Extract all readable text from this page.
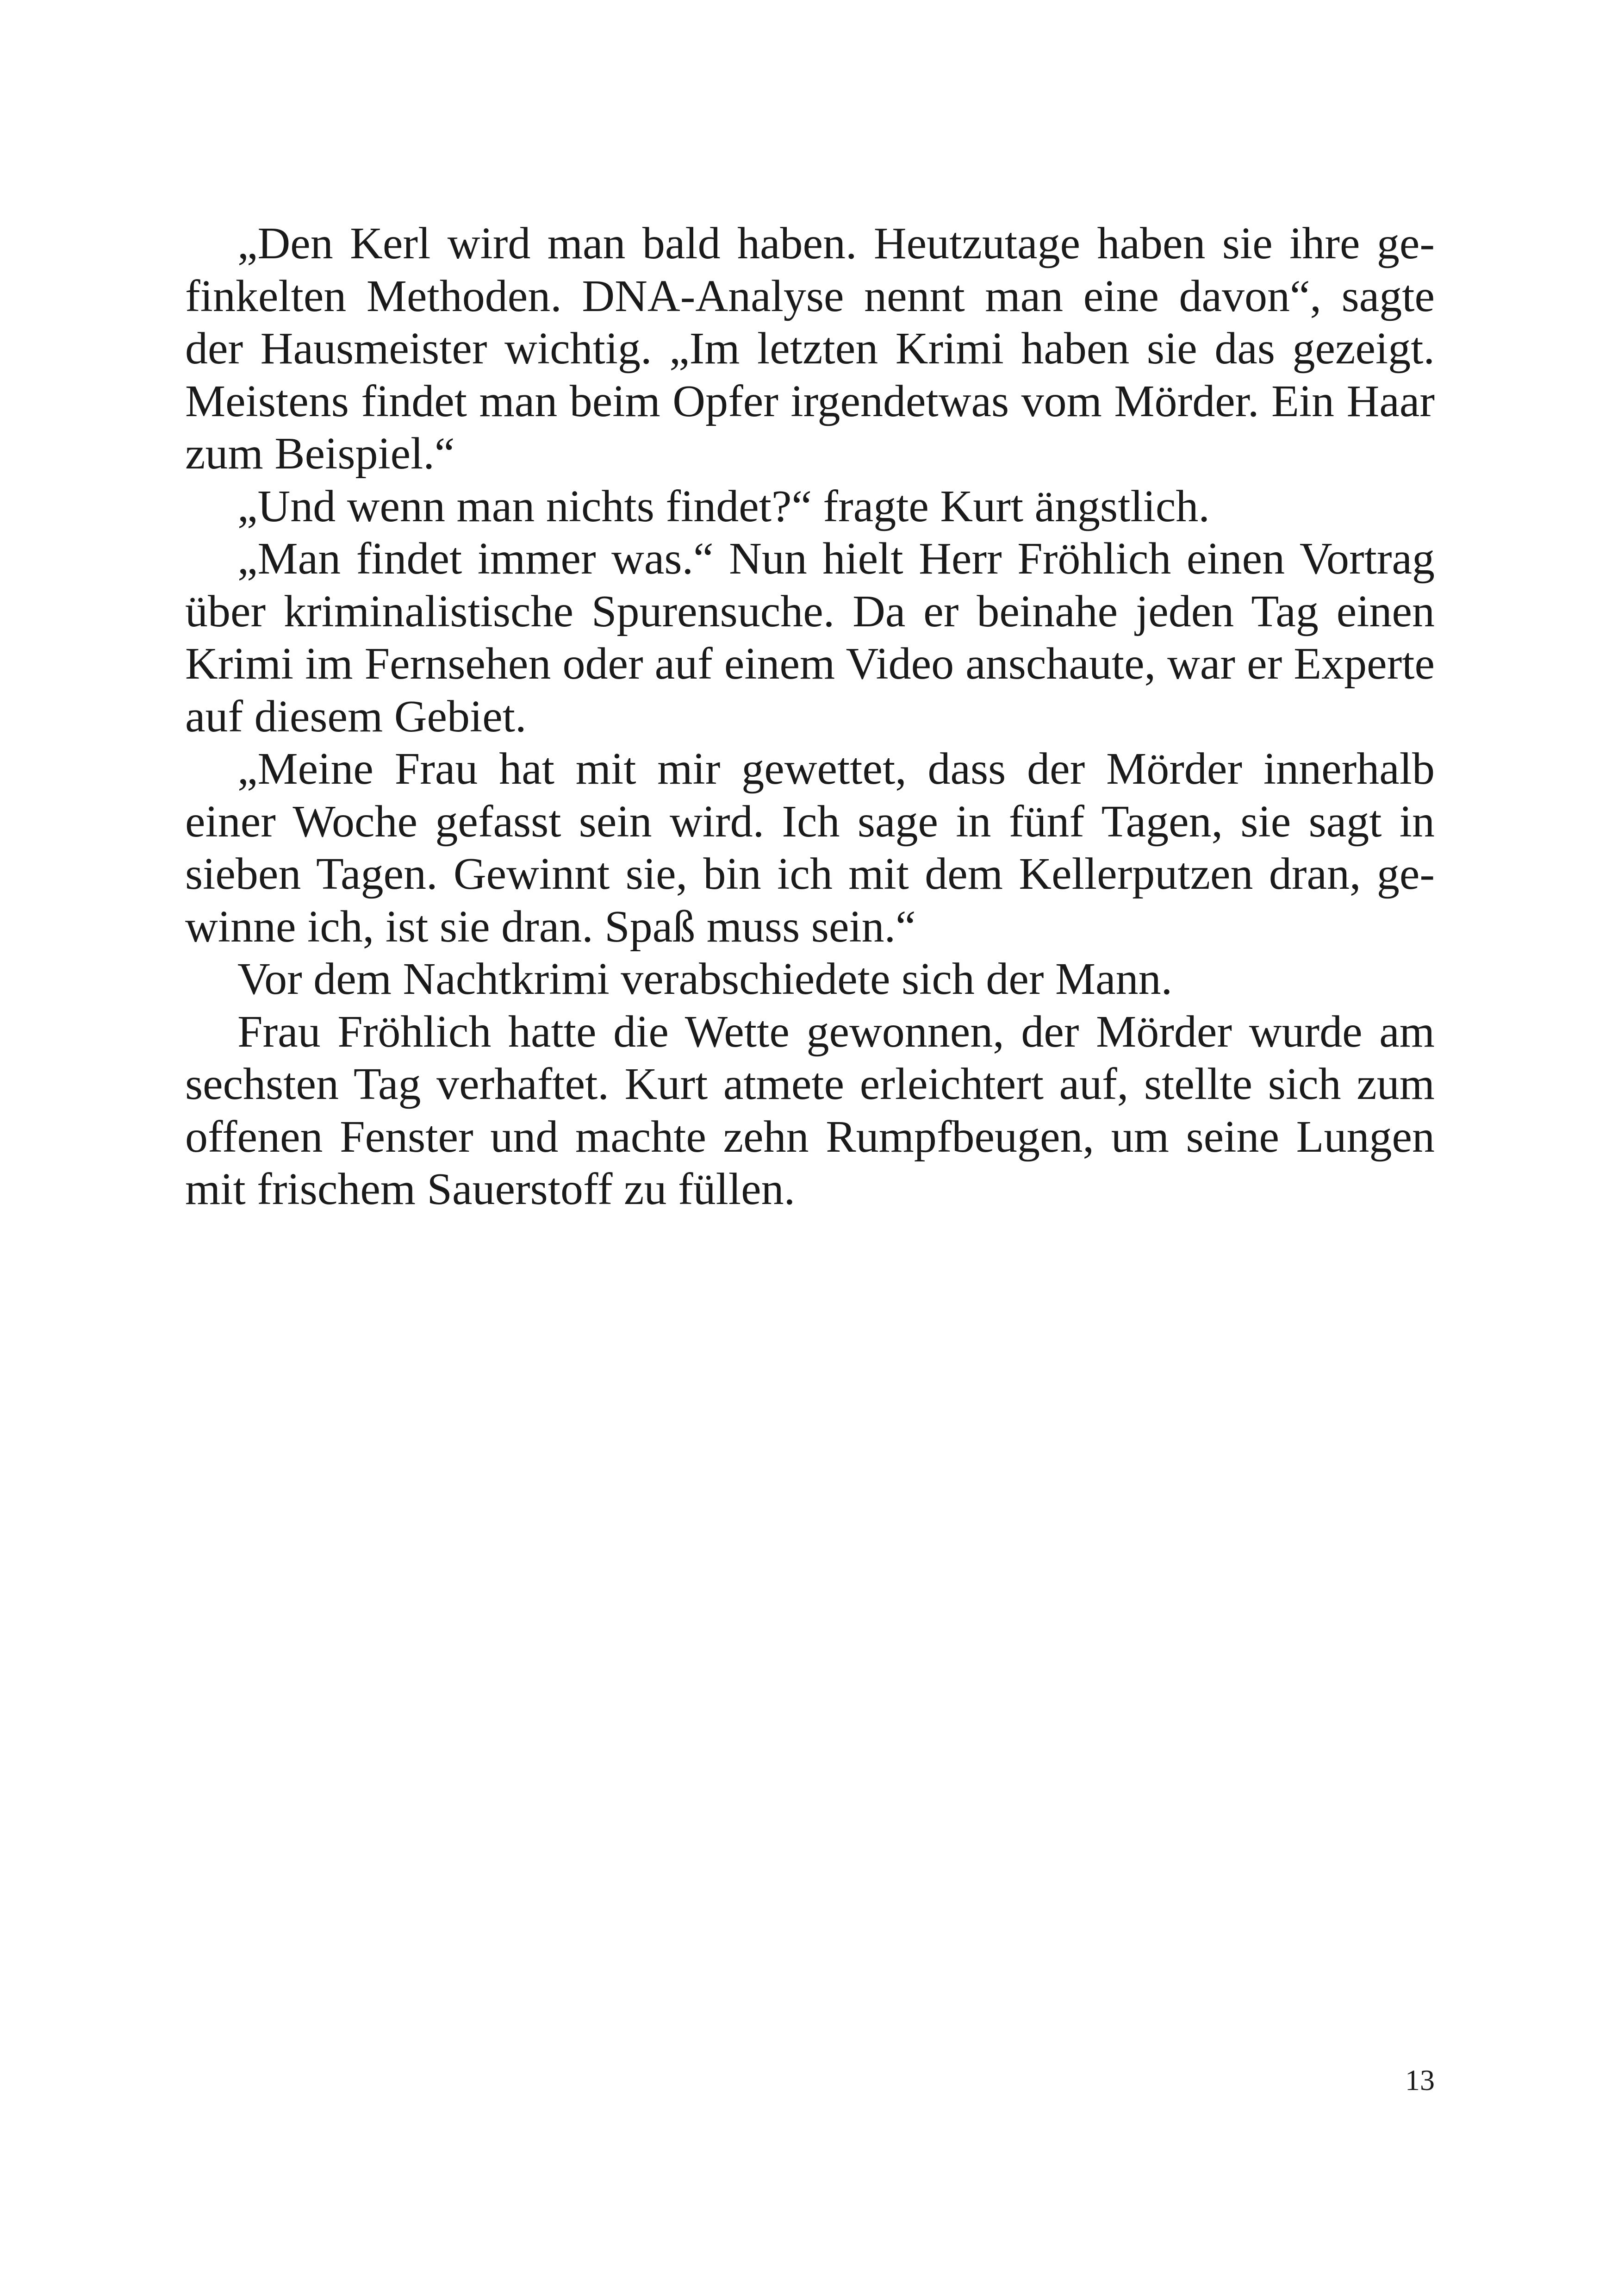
„Den Kerl wird man bald haben. Heutzutage haben sie ihre gefinkelten Methoden. DNA-Analyse nennt man eine davon“, sagte der Hausmeister wichtig. „Im letzten Krimi haben sie das gezeigt. Meistens findet man beim Opfer irgendetwas vom Mörder. Ein Haar zum Beispiel.“

„Und wenn man nichts findet?“ fragte Kurt ängstlich.

„Man findet immer was.“ Nun hielt Herr Fröhlich einen Vortrag über kriminalistische Spurensuche. Da er beinahe jeden Tag einen Krimi im Fernsehen oder auf einem Video anschaute, war er Experte auf diesem Gebiet.

„Meine Frau hat mit mir gewettet, dass der Mörder innerhalb einer Woche gefasst sein wird. Ich sage in fünf Tagen, sie sagt in sieben Tagen. Gewinnt sie, bin ich mit dem Kellerputzen dran, gewinne ich, ist sie dran. Spaß muss sein.“

Vor dem Nachtkrimi verabschiedete sich der Mann.

Frau Fröhlich hatte die Wette gewonnen, der Mörder wurde am sechsten Tag verhaftet. Kurt atmete erleichtert auf, stellte sich zum offenen Fenster und machte zehn Rumpfbeugen, um seine Lungen mit frischem Sauerstoff zu füllen.

13
